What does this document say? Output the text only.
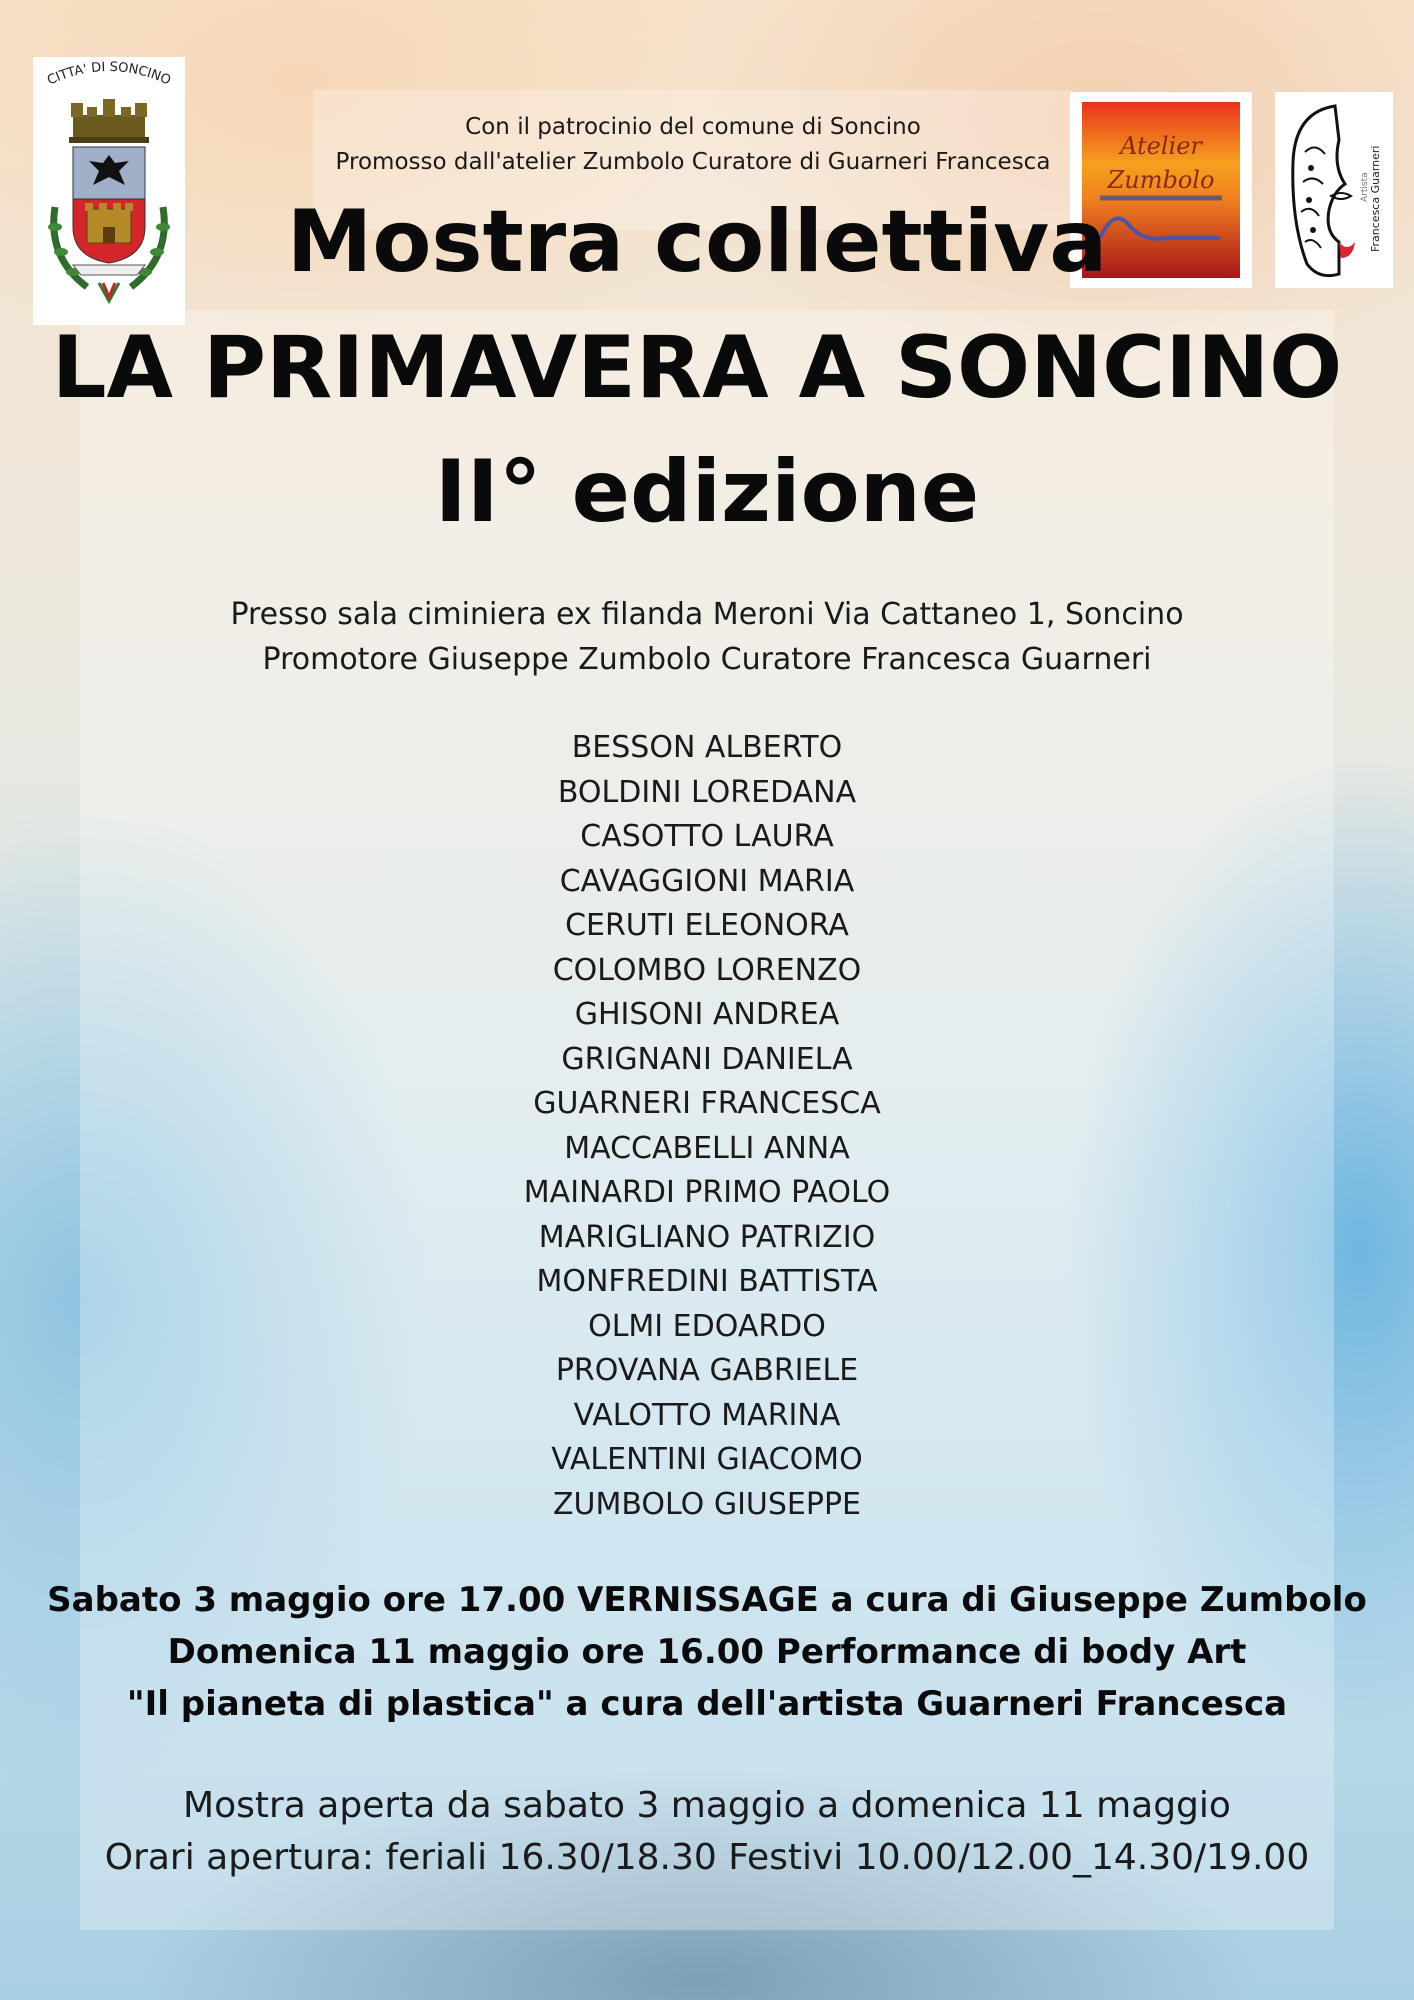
CITTA' DI SONCINO
Atelier
Zumbolo	Artista Francesca Guarneri
Con il patrocinio del comune di Soncino
Promosso dall'atelier Zumbolo Curatore di Guarneri Francesca
Mostra collettiva
LA PRIMAVERA A SONCINO
II° edizione
Presso sala ciminiera ex filanda Meroni Via Cattaneo 1, Soncino
Promotore Giuseppe Zumbolo Curatore Francesca Guarneri
BESSON ALBERTO
BOLDINI LOREDANA
CASOTTO LAURA
CAVAGGIONI MARIA
CERUTI ELEONORA
COLOMBO LORENZO
GHISONI ANDREA
GRIGNANI DANIELA
GUARNERI FRANCESCA
MACCABELLI ANNA
MAINARDI PRIMO PAOLO
MARIGLIANO PATRIZIO
MONFREDINI BATTISTA
OLMI EDOARDO
PROVANA GABRIELE
VALOTTO MARINA
VALENTINI GIACOMO
ZUMBOLO GIUSEPPE
Sabato 3 maggio ore 17.00 VERNISSAGE a cura di Giuseppe Zumbolo
Domenica 11 maggio ore 16.00 Performance di body Art
"Il pianeta di plastica" a cura dell'artista Guarneri Francesca
Mostra aperta da sabato 3 maggio a domenica 11 maggio
Orari apertura: feriali 16.30/18.30 Festivi 10.00/12.00_14.30/19.00
